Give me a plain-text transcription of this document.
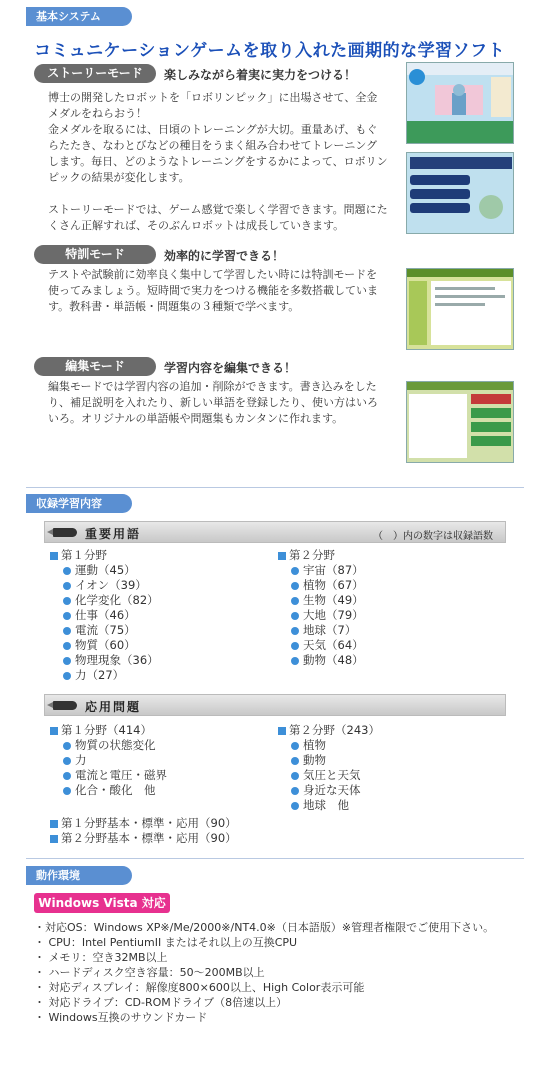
基本システム
コミュニケーションゲームを取り入れた画期的な学習ソフト
ストーリーモード	楽しみながら着実に実力をつける！
博士の開発したロボットを「ロボリンピック」に出場させて、全金メダルをねらおう！
金メダルを取るには、日頃のトレーニングが大切。重量あげ、もぐらたたき、なわとびなどの種目をうまく組み合わせてトレーニングします。毎日、どのようなトレーニングをするかによって、ロボリンピックの結果が変化します。

ストーリーモードでは、ゲーム感覚で楽しく学習できます。問題にたくさん正解すれば、そのぶんロボットは成長していきます。
特訓モード	効率的に学習できる！
テストや試験前に効率良く集中して学習したい時には特訓モードを使ってみましょう。短時間で実力をつける機能を多数搭載しています。教科書・単語帳・問題集の３種類で学べます。
編集モード	学習内容を編集できる！
編集モードでは学習内容の追加・削除ができます。書き込みをしたり、補足説明を入れたり、新しい単語を登録したり、使い方はいろいろ。オリジナルの単語帳や問題集もカンタンに作れます。
収録学習内容
重要用語	（　）内の数字は収録語数
第１分野
運動（45）
イオン（39）
化学変化（82）
仕事（46）
電流（75）
物質（60）
物理現象（36）
力（27）
第２分野
宇宙（87）
植物（67）
生物（49）
大地（79）
地球（7）
天気（64）
動物（48）
応用問題
第１分野（414）
物質の状態変化
力
電流と電圧・磁界
化合・酸化　他
第２分野（243）
植物
動物
気圧と天気
身近な天体
地球　他
第１分野基本・標準・応用（90）
第２分野基本・標準・応用（90）
動作環境
Windows Vista 対応
・対応OS：Windows XP※/Me/2000※/NT4.0※（日本語版）※管理者権限でご使用下さい。
・ CPU：Intel PentiumII またはそれ以上の互換CPU
・ メモリ：空き32MB以上
・ ハードディスク空き容量：50～200MB以上
・ 対応ディスプレイ：解像度800×600以上、High Color表示可能
・ 対応ドライブ：CD-ROMドライブ（8倍速以上）
・ Windows互換のサウンドカード
